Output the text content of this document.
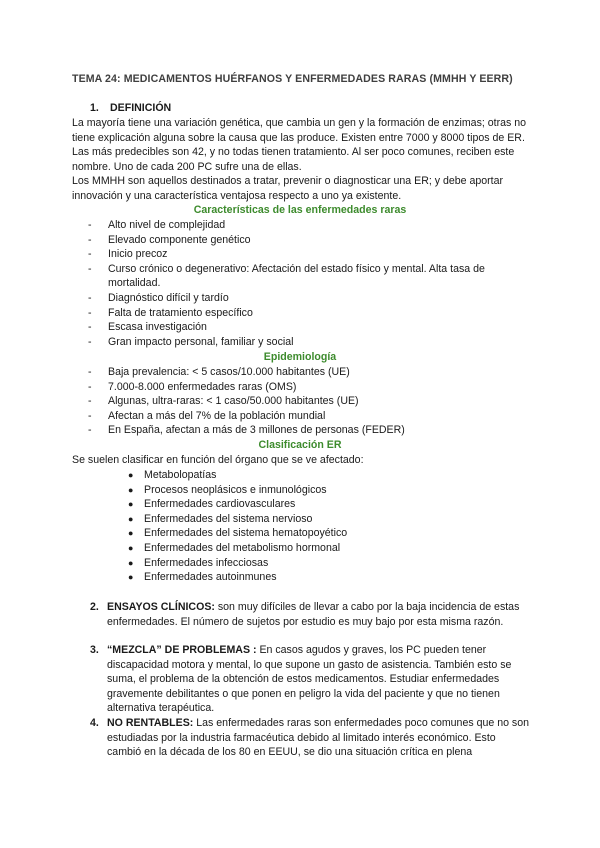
TEMA 24: MEDICAMENTOS HUÉRFANOS Y ENFERMEDADES RARAS (MMHH Y EERR)
1. DEFINICIÓN
La mayoría tiene una variación genética, que cambia un gen y la formación de enzimas; otras no tiene explicación alguna sobre la causa que las produce. Existen entre 7000 y 8000 tipos de ER. Las más predecibles son 42, y no todas tienen tratamiento. Al ser poco comunes, reciben este nombre. Uno de cada 200 PC sufre una de ellas.
Los MMHH son aquellos destinados a tratar, prevenir o diagnosticar una ER; y debe aportar innovación y una característica ventajosa respecto a uno ya existente.
Características de las enfermedades raras
- Alto nivel de complejidad
- Elevado componente genético
- Inicio precoz
- Curso crónico o degenerativo: Afectación del estado físico y mental. Alta tasa de mortalidad.
- Diagnóstico difícil y tardío
- Falta de tratamiento específico
- Escasa investigación
- Gran impacto personal, familiar y social
Epidemiología
- Baja prevalencia: < 5 casos/10.000 habitantes (UE)
- 7.000-8.000 enfermedades raras (OMS)
- Algunas, ultra-raras: < 1 caso/50.000 habitantes (UE)
- Afectan a más del 7% de la población mundial
- En España, afectan a más de 3 millones de personas (FEDER)
Clasificación ER
Se suelen clasificar en función del órgano que se ve afectado:
● Metabolopatías
● Procesos neoplásicos e inmunológicos
● Enfermedades cardiovasculares
● Enfermedades del sistema nervioso
● Enfermedades del sistema hematopoyético
● Enfermedades del metabolismo hormonal
● Enfermedades infecciosas
● Enfermedades autoinmunes
2. ENSAYOS CLÍNICOS: son muy difíciles de llevar a cabo por la baja incidencia de estas enfermedades. El número de sujetos por estudio es muy bajo por esta misma razón.
3. “MEZCLA” DE PROBLEMAS : En casos agudos y graves, los PC pueden tener discapacidad motora y mental, lo que supone un gasto de asistencia. También esto se suma, el problema de la obtención de estos medicamentos. Estudiar enfermedades gravemente debilitantes o que ponen en peligro la vida del paciente y que no tienen alternativa terapéutica.
4. NO RENTABLES: Las enfermedades raras son enfermedades poco comunes que no son estudiadas por la industria farmacéutica debido al limitado interés económico. Esto cambió en la década de los 80 en EEUU, se dio una situación crítica en plena
